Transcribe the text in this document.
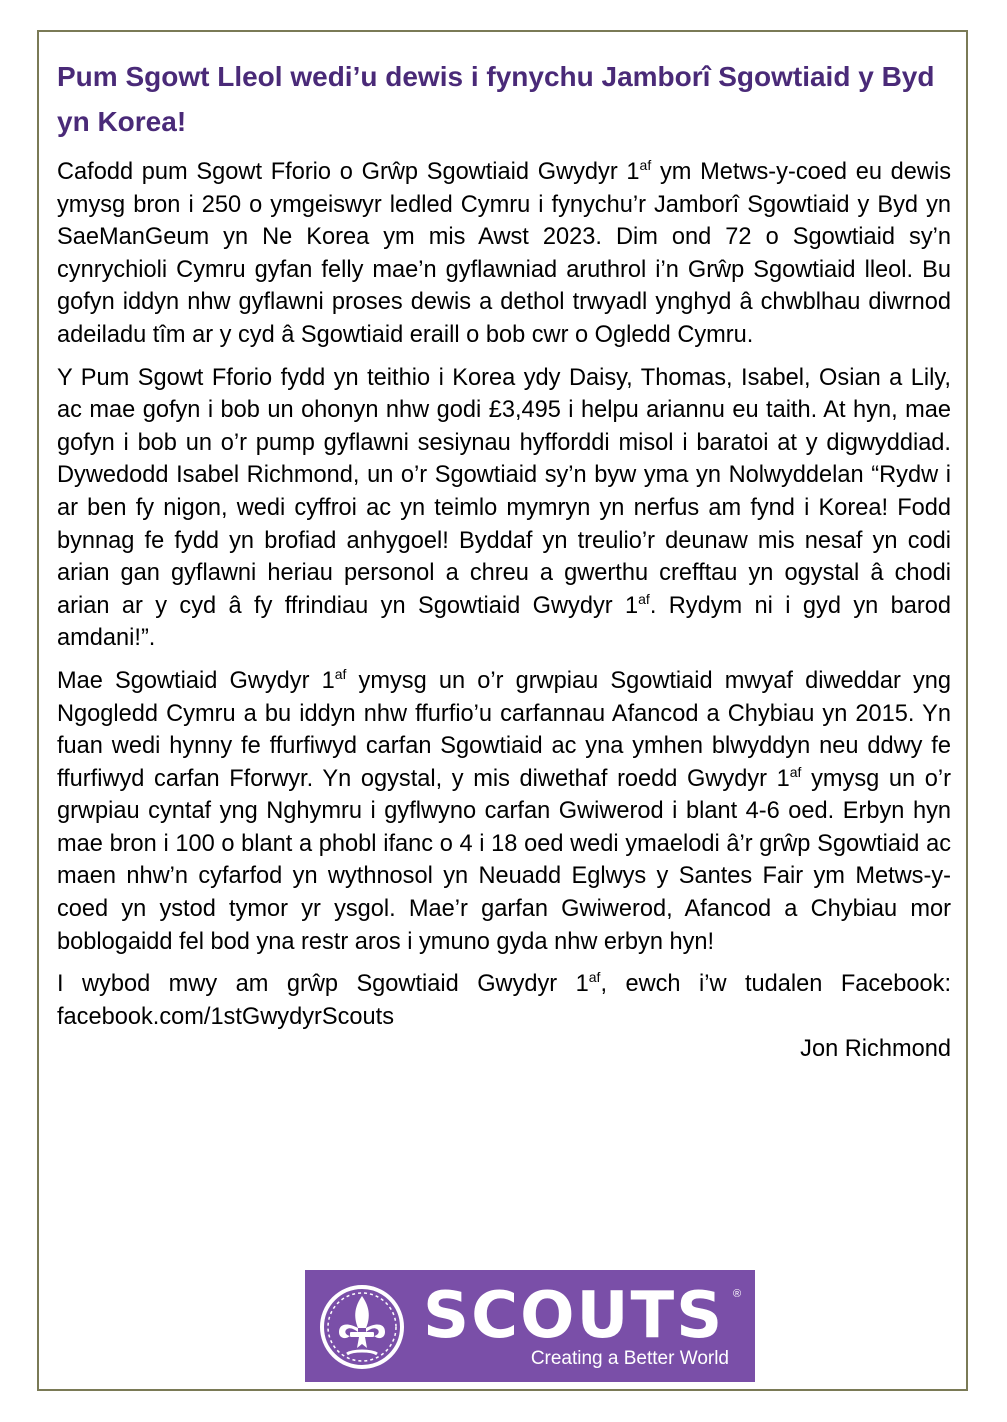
Pum Sgowt Lleol wedi’u dewis i fynychu Jamborî Sgowtiaid y Byd yn Korea!

Cafodd pum Sgowt Fforio o Grŵp Sgowtiaid Gwydyr $1^{af}$ ym Metws-y-coed eu dewis ymysg bron i 250 o ymgeiswyr ledled Cymru i fynychu’r Jamborî Sgowtiaid y Byd yn SaeManGeum yn Ne Korea ym mis Awst 2023. Dim ond 72 o Sgowtiaid sy’n cynrychioli Cymru gyfan felly mae’n gyflawniad aruthrol i’n Grŵp Sgowtiaid lleol. Bu gofyn iddyn nhw gyflawni proses dewis a dethol trwyadl ynghyd â chwblhau diwrnod adeiladu tîm ar y cyd â Sgowtiaid eraill o bob cwr o Ogledd Cymru.

Y Pum Sgowt Fforio fydd yn teithio i Korea ydy Daisy, Thomas, Isabel, Osian a Lily, ac mae gofyn i bob un ohonyn nhw godi £3,495 i helpu ariannu eu taith. At hyn, mae gofyn i bob un o’r pump gyflawni sesiynau hyfforddi misol i baratoi at y digwyddiad. Dywedodd Isabel Richmond, un o’r Sgowtiaid sy’n byw yma yn Nolwyddelan “Rydw i ar ben fy nigon, wedi cyffroi ac yn teimlo mymryn yn nerfus am fynd i Korea! Fodd bynnag fe fydd yn brofiad anhygoel! Byddaf yn treulio’r deunaw mis nesaf yn codi arian gan gyflawni heriau personol a chreu a gwerthu crefftau yn ogystal â chodi arian ar y cyd â fy ffrindiau yn Sgowtiaid Gwydyr $1^{af}$. Rydym ni i gyd yn barod amdani!”.

Mae Sgowtiaid Gwydyr $1^{af}$ ymysg un o’r grwpiau Sgowtiaid mwyaf diweddar yng Ngogledd Cymru a bu iddyn nhw ffurfio’u carfannau Afancod a Chybiau yn 2015. Yn fuan wedi hynny fe ffurfiwyd carfan Sgowtiaid ac yna ymhen blwyddyn neu ddwy fe ffurfiwyd carfan Fforwyr. Yn ogystal, y mis diwethaf roedd Gwydyr $1^{af}$ ymysg un o’r grwpiau cyntaf yng Nghymru i gyflwyno carfan Gwiwerod i blant 4-6 oed. Erbyn hyn mae bron i 100 o blant a phobl ifanc o 4 i 18 oed wedi ymaelodi â’r grŵp Sgowtiaid ac maen nhw’n cyfarfod yn wythnosol yn Neuadd Eglwys y Santes Fair ym Metws-y-coed yn ystod tymor yr ysgol. Mae’r garfan Gwiwerod, Afancod a Chybiau mor boblogaidd fel bod yna restr aros i ymuno gyda nhw erbyn hyn!

I wybod mwy am grŵp Sgowtiaid Gwydyr $1^{af}$, ewch i’w tudalen Facebook: facebook.com/1stGwydyrScouts

Jon Richmond

SCOUTS ®
Creating a Better World
